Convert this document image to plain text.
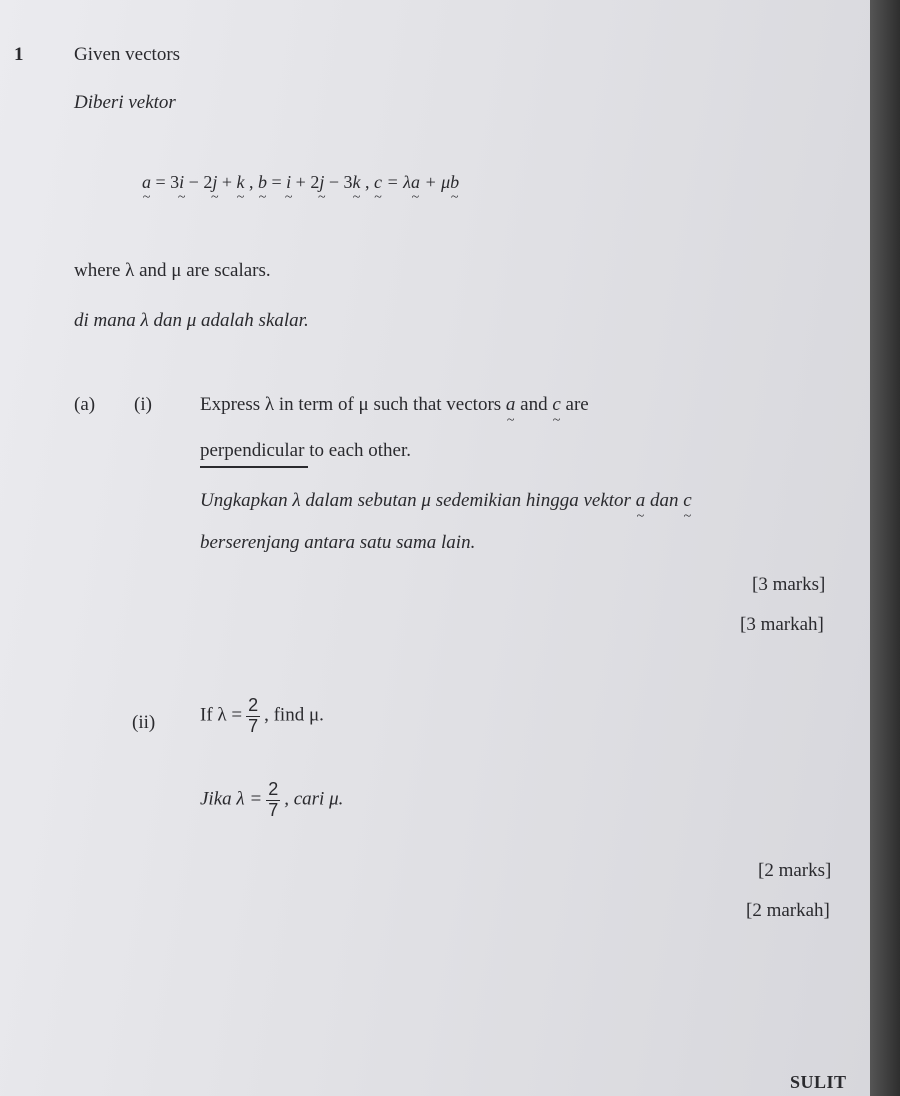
1	Given vectors
Diberi vektor
a ~ = 3i ~ − 2j ~ + k ~ , b ~ = i ~ + 2j ~ − 3k ~ , c ~ = λa ~ + μb ~
where λ and μ are scalars.
di mana λ dan μ adalah skalar.
(a) (i)	Express λ in term of μ such that vectors a ~ and c ~ are
perpendicular to each other.
Ungkapkan λ dalam sebutan μ sedemikian hingga vektor a ~ dan c ~
berserenjang antara satu sama lain.
[3 marks]
[3 markah]
(ii) If $\lambda = \frac{2}{7}$ , find μ.
Jika $\lambda = \frac{2}{7}$ , cari μ.
[2 marks]
[2 markah]
SULIT
